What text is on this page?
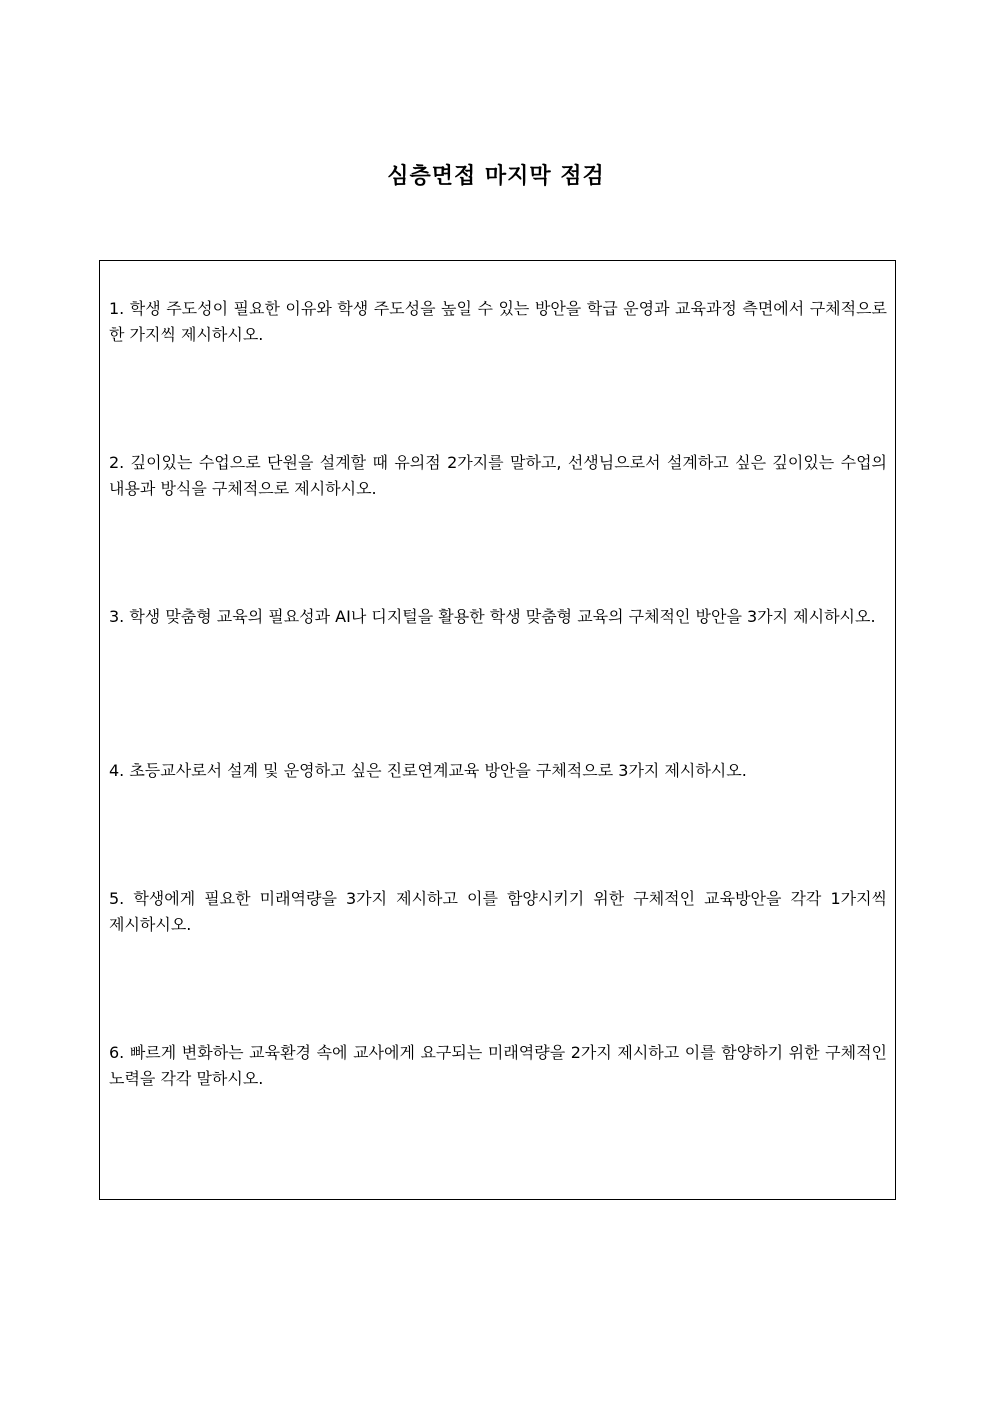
심층면접 마지막 점검

1. 학생 주도성이 필요한 이유와 학생 주도성을 높일 수 있는 방안을 학급 운영과 교육과정 측면에서 구체적으로 한 가지씩 제시하시오.

2. 깊이있는 수업으로 단원을 설계할 때 유의점 2가지를 말하고, 선생님으로서 설계하고 싶은 깊이있는 수업의 내용과 방식을 구체적으로 제시하시오.

3. 학생 맞춤형 교육의 필요성과 AI나 디지털을 활용한 학생 맞춤형 교육의 구체적인 방안을 3가지 제시하시오.

4. 초등교사로서 설계 및 운영하고 싶은 진로연계교육 방안을 구체적으로 3가지 제시하시오.

5. 학생에게 필요한 미래역량을 3가지 제시하고 이를 함양시키기 위한 구체적인 교육방안을 각각 1가지씩 제시하시오.

6. 빠르게 변화하는 교육환경 속에 교사에게 요구되는 미래역량을 2가지 제시하고 이를 함양하기 위한 구체적인 노력을 각각 말하시오.
